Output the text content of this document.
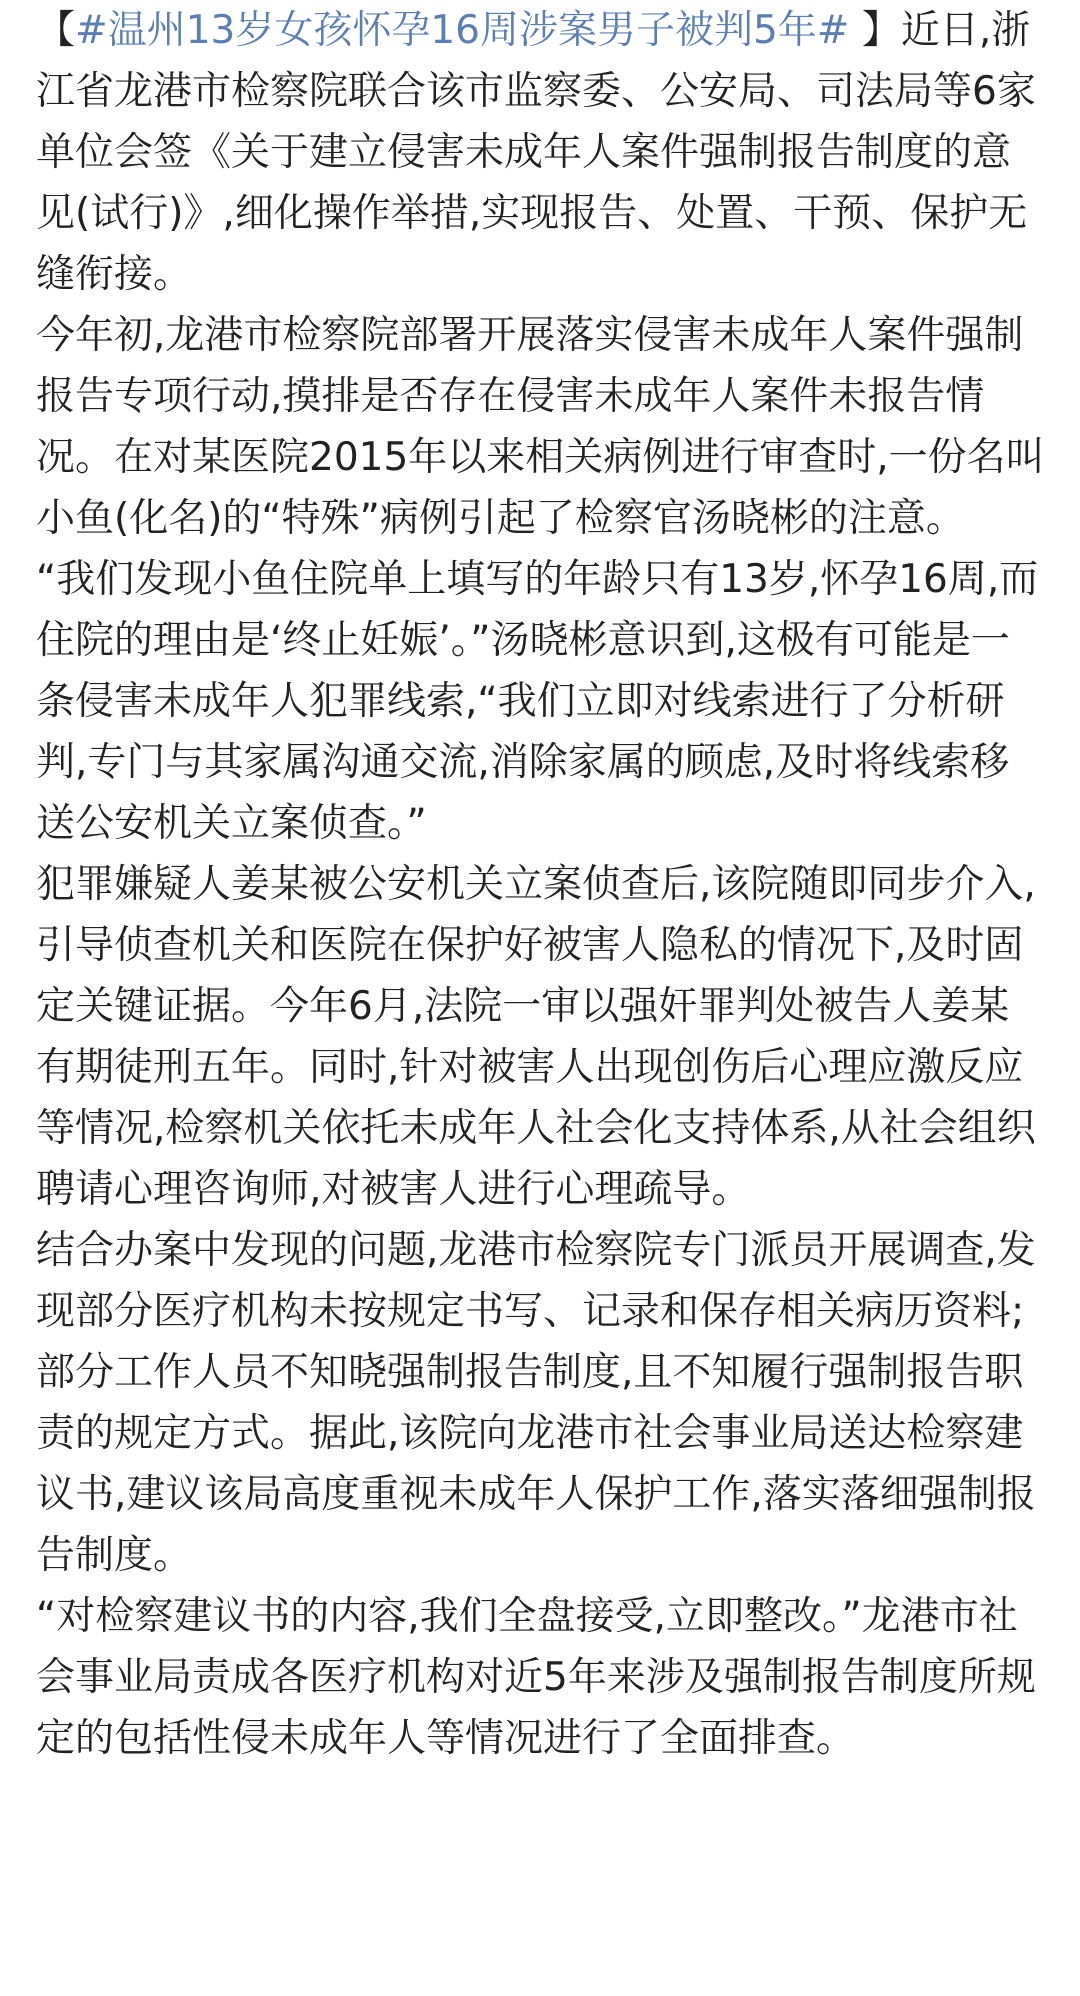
【#温州13岁女孩怀孕16周涉案男子被判5年# 】近日,浙江省龙港市检察院联合该市监察委、公安局、司法局等6家单位会签《关于建立侵害未成年人案件强制报告制度的意见(试行)》,细化操作举措,实现报告、处置、干预、保护无缝衔接。

今年初,龙港市检察院部署开展落实侵害未成年人案件强制报告专项行动,摸排是否存在侵害未成年人案件未报告情况。在对某医院2015年以来相关病例进行审查时,一份名叫小鱼(化名)的“特殊”病例引起了检察官汤晓彬的注意。

“我们发现小鱼住院单上填写的年龄只有13岁,怀孕16周,而住院的理由是‘终止妊娠’。”汤晓彬意识到,这极有可能是一条侵害未成年人犯罪线索,“我们立即对线索进行了分析研判,专门与其家属沟通交流,消除家属的顾虑,及时将线索移送公安机关立案侦查。”

犯罪嫌疑人姜某被公安机关立案侦查后,该院随即同步介入,引导侦查机关和医院在保护好被害人隐私的情况下,及时固定关键证据。今年6月,法院一审以强奸罪判处被告人姜某有期徒刑五年。同时,针对被害人出现创伤后心理应激反应等情况,检察机关依托未成年人社会化支持体系,从社会组织聘请心理咨询师,对被害人进行心理疏导。

结合办案中发现的问题,龙港市检察院专门派员开展调查,发现部分医疗机构未按规定书写、记录和保存相关病历资料;部分工作人员不知晓强制报告制度,且不知履行强制报告职责的规定方式。据此,该院向龙港市社会事业局送达检察建议书,建议该局高度重视未成年人保护工作,落实落细强制报告制度。

“对检察建议书的内容,我们全盘接受,立即整改。”龙港市社会事业局责成各医疗机构对近5年来涉及强制报告制度所规定的包括性侵未成年人等情况进行了全面排查。
